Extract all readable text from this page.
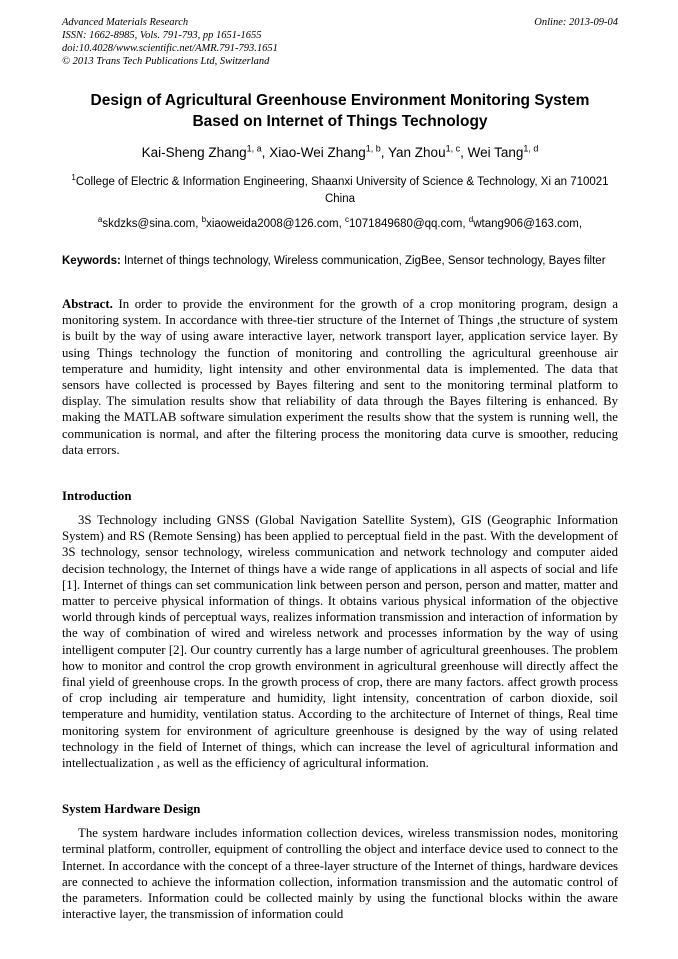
Advanced Materials Research
ISSN: 1662-8985, Vols. 791-793, pp 1651-1655
doi:10.4028/www.scientific.net/AMR.791-793.1651
© 2013 Trans Tech Publications Ltd, Switzerland
Online: 2013-09-04
Design of Agricultural Greenhouse Environment Monitoring System Based on Internet of Things Technology
Kai-Sheng Zhang$^{1, a}$, Xiao-Wei Zhang$^{1, b}$, Yan Zhou$^{1, c}$, Wei Tang$^{1, d}$
$^1$College of Electric & Information Engineering, Shaanxi University of Science & Technology, Xi an 710021 China
$^a$skdzks@sina.com, $^b$xiaoweida2008@126.com, $^c$1071849680@qq.com, $^d$wtang906@163.com,
Keywords: Internet of things technology, Wireless communication, ZigBee, Sensor technology, Bayes filter
Abstract. In order to provide the environment for the growth of a crop monitoring program, design a monitoring system. In accordance with three-tier structure of the Internet of Things ,the structure of system is built by the way of using aware interactive layer, network transport layer, application service layer. By using Things technology the function of monitoring and controlling the agricultural greenhouse air temperature and humidity, light intensity and other environmental data is implemented. The data that sensors have collected is processed by Bayes filtering and sent to the monitoring terminal platform to display. The simulation results show that reliability of data through the Bayes filtering is enhanced. By making the MATLAB software simulation experiment the results show that the system is running well, the communication is normal, and after the filtering process the monitoring data curve is smoother, reducing data errors.
Introduction

3S Technology including GNSS (Global Navigation Satellite System), GIS (Geographic Information System) and RS (Remote Sensing) has been applied to perceptual field in the past. With the development of 3S technology, sensor technology, wireless communication and network technology and computer aided decision technology, the Internet of things have a wide range of applications in all aspects of social and life [1]. Internet of things can set communication link between person and person, person and matter, matter and matter to perceive physical information of things. It obtains various physical information of the objective world through kinds of perceptual ways, realizes information transmission and interaction of information by the way of combination of wired and wireless network and processes information by the way of using intelligent computer [2]. Our country currently has a large number of agricultural greenhouses. The problem how to monitor and control the crop growth environment in agricultural greenhouse will directly affect the final yield of greenhouse crops. In the growth process of crop, there are many factors. affect growth process of crop including air temperature and humidity, light intensity, concentration of carbon dioxide, soil temperature and humidity, ventilation status. According to the architecture of Internet of things, Real time monitoring system for environment of agriculture greenhouse is designed by the way of using related technology in the field of Internet of things, which can increase the level of agricultural information and intellectualization , as well as the efficiency of agricultural information.

System Hardware Design

The system hardware includes information collection devices, wireless transmission nodes, monitoring terminal platform, controller, equipment of controlling the object and interface device used to connect to the Internet. In accordance with the concept of a three-layer structure of the Internet of things, hardware devices are connected to achieve the information collection, information transmission and the automatic control of the parameters. Information could be collected mainly by using the functional blocks within the aware interactive layer, the transmission of information could
